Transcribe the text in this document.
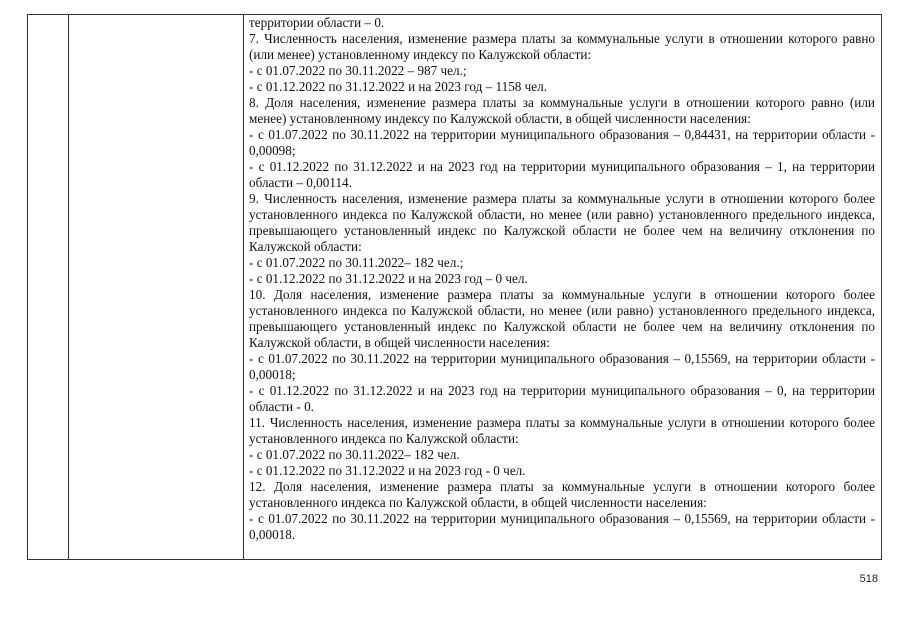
территории области – 0.

7. Численность населения, изменение размера платы за коммунальные услуги в отношении которого равно (или менее) установленному индексу по Калужской области:

- с 01.07.2022 по 30.11.2022 – 987 чел.;

- с 01.12.2022 по 31.12.2022 и на 2023 год – 1158 чел.

8. Доля населения, изменение размера платы за коммунальные услуги в отношении которого равно (или менее) установленному индексу по Калужской области, в общей численности населения:

- с 01.07.2022 по 30.11.2022 на территории муниципального образования – 0,84431, на территории области - 0,00098;

- с 01.12.2022 по 31.12.2022 и на 2023 год на территории муниципального образования – 1, на территории области – 0,00114.

9. Численность населения, изменение размера платы за коммунальные услуги в отношении которого более установленного индекса по Калужской области, но менее (или равно) установленного предельного индекса, превышающего установленный индекс по Калужской области не более чем на величину отклонения по Калужской области:

- с 01.07.2022 по 30.11.2022– 182 чел.;

- с 01.12.2022 по 31.12.2022 и на 2023 год – 0 чел.

10. Доля населения, изменение размера платы за коммунальные услуги в отношении которого более установленного индекса по Калужской области, но менее (или равно) установленного предельного индекса, превышающего установленный индекс по Калужской области не более чем на величину отклонения по Калужской области, в общей численности населения:

- с 01.07.2022 по 30.11.2022 на территории муниципального образования – 0,15569, на территории области - 0,00018;

- с 01.12.2022 по 31.12.2022 и на 2023 год на территории муниципального образования – 0, на территории области - 0.

11. Численность населения, изменение размера платы за коммунальные услуги в отношении которого более установленного индекса по Калужской области:

- с 01.07.2022 по 30.11.2022– 182 чел.

- с 01.12.2022 по 31.12.2022 и на 2023 год - 0 чел.

12. Доля населения, изменение размера платы за коммунальные услуги в отношении которого более установленного индекса по Калужской области, в общей численности населения:

- с 01.07.2022 по 30.11.2022 на территории муниципального образования – 0,15569, на территории области - 0,00018.

518
